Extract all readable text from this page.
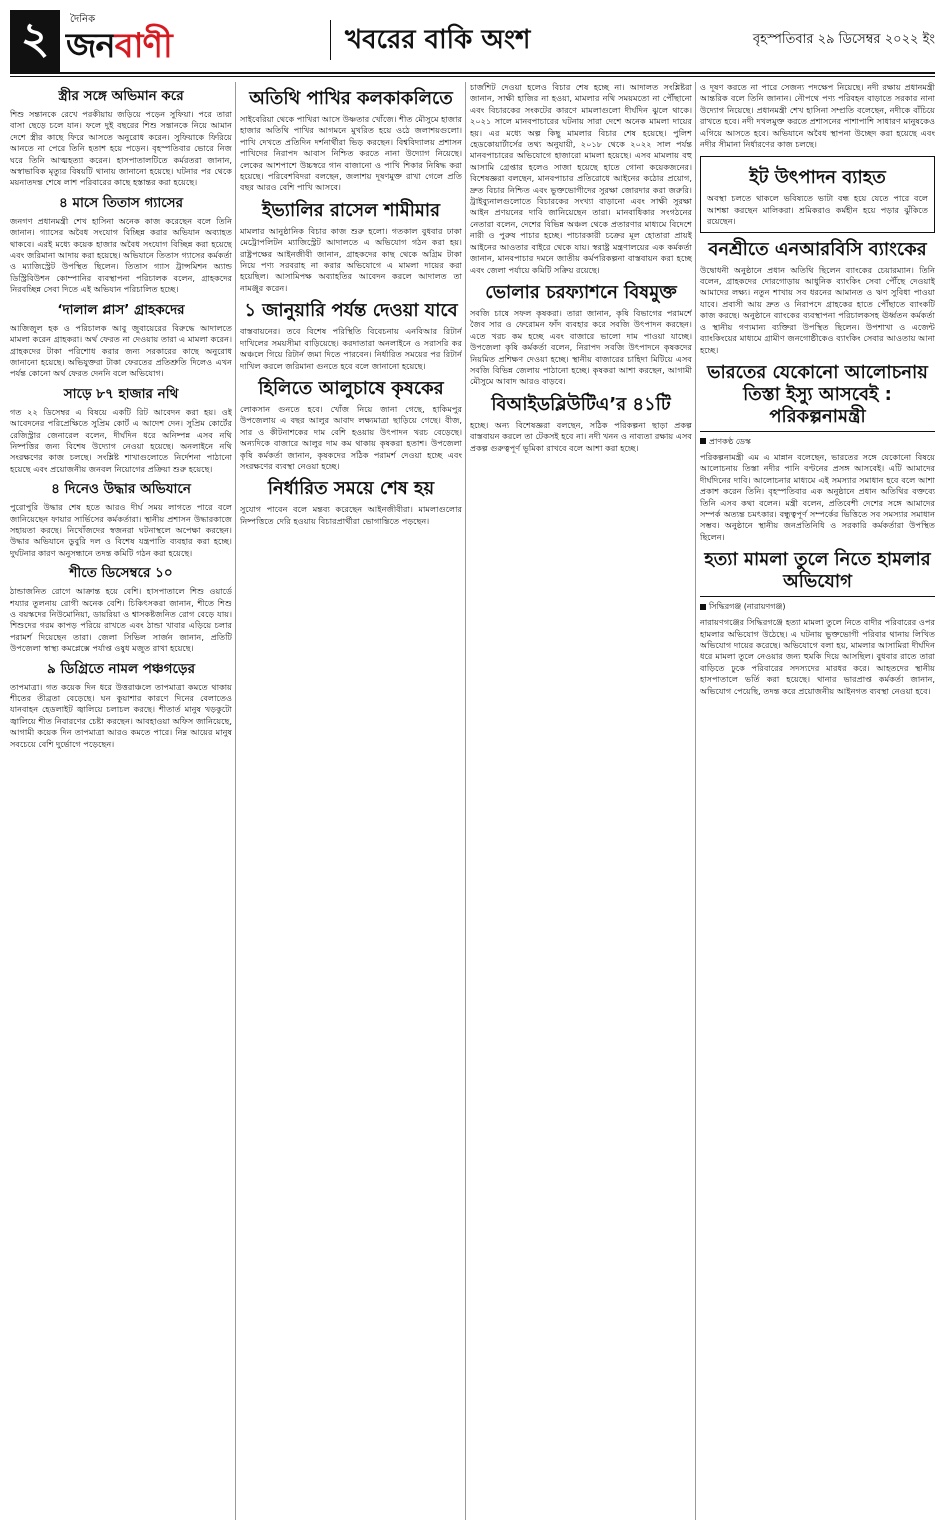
২	দৈনিক
জনবাণী	খবরের বাকি অংশ	বৃহস্পতিবার ২৯ ডিসেম্বর ২০২২ ইং
স্ত্রীর সঙ্গে অভিমান করে

শিশু সন্তানকে রেখে পরকীয়ায় জড়িয়ে পড়েন সুফিয়া। পরে তারা বাসা ছেড়ে চলে যান। ফলে দুই বছরের শিশু সন্তানকে নিয়ে আমান দেশে স্ত্রীর কাছে ফিরে আসতে অনুরোধ করেন। সুফিয়াকে ফিরিয়ে আনতে না পেরে তিনি হতাশ হয়ে পড়েন। বৃহস্পতিবার ভোরে নিজ ঘরে তিনি আত্মহত্যা করেন। হাসপাতালটিতে কর্মরতরা জানান, অস্বাভাবিক মৃত্যুর বিষয়টি থানায় জানানো হয়েছে। ঘটনার পর থেকে ময়নাতদন্ত শেষে লাশ পরিবারের কাছে হস্তান্তর করা হয়েছে।

৪ মাসে তিতাস গ্যাসের

জনগণ প্রধানমন্ত্রী শেখ হাসিনা অনেক কাজ করেছেন বলে তিনি জানান। গ্যাসের অবৈধ সংযোগ বিচ্ছিন্ন করার অভিযান অব্যাহত থাকবে। এরই মধ্যে কয়েক হাজার অবৈধ সংযোগ বিচ্ছিন্ন করা হয়েছে এবং জরিমানা আদায় করা হয়েছে। অভিযানে তিতাস গ্যাসের কর্মকর্তা ও ম্যাজিস্ট্রেট উপস্থিত ছিলেন। তিতাস গ্যাস ট্রান্সমিশন অ্যান্ড ডিস্ট্রিবিউশন কোম্পানির ব্যবস্থাপনা পরিচালক বলেন, গ্রাহকদের নিরবচ্ছিন্ন সেবা দিতে এই অভিযান পরিচালিত হচ্ছে।

‘দালাল প্লাস’ গ্রাহকদের

আজিজুল হক ও পরিচালক আবু জুবায়েরের বিরুদ্ধে আদালতে মামলা করেন গ্রাহকরা। অর্থ ফেরত না দেওয়ায় তারা এ মামলা করেন। গ্রাহকদের টাকা পরিশোধ করার জন্য সরকারের কাছে অনুরোধ জানানো হয়েছে। অভিযুক্তরা টাকা ফেরতের প্রতিশ্রুতি দিলেও এখন পর্যন্ত কোনো অর্থ ফেরত দেননি বলে অভিযোগ।

সাড়ে ৮৭ হাজার নথি

গত ২২ ডিসেম্বর এ বিষয়ে একটি রিট আবেদন করা হয়। ওই আবেদনের পরিপ্রেক্ষিতে সুপ্রিম কোর্ট এ আদেশ দেন। সুপ্রিম কোর্টের রেজিস্ট্রার জেনারেল বলেন, দীর্ঘদিন ধরে অনিষ্পন্ন এসব নথি নিষ্পত্তির জন্য বিশেষ উদ্যোগ নেওয়া হয়েছে। অনলাইনে নথি সংরক্ষণের কাজ চলছে। সংশ্লিষ্ট শাখাগুলোতে নির্দেশনা পাঠানো হয়েছে এবং প্রয়োজনীয় জনবল নিয়োগের প্রক্রিয়া শুরু হয়েছে।

৪ দিনেও উদ্ধার অভিযানে

পুরোপুরি উদ্ধার শেষ হতে আরও দীর্ঘ সময় লাগতে পারে বলে জানিয়েছেন ফায়ার সার্ভিসের কর্মকর্তারা। স্থানীয় প্রশাসন উদ্ধারকাজে সহায়তা করছে। নিখোঁজদের স্বজনরা ঘটনাস্থলে অপেক্ষা করছেন। উদ্ধার অভিযানে ডুবুরি দল ও বিশেষ যন্ত্রপাতি ব্যবহার করা হচ্ছে। দুর্ঘটনার কারণ অনুসন্ধানে তদন্ত কমিটি গঠন করা হয়েছে।

শীতে ডিসেম্বরে ১০

ঠান্ডাজনিত রোগে আক্রান্ত হয়ে বেশি। হাসপাতালে শিশু ওয়ার্ডে শয্যার তুলনায় রোগী অনেক বেশি। চিকিৎসকরা জানান, শীতে শিশু ও বয়স্কদের নিউমোনিয়া, ডায়রিয়া ও শ্বাসকষ্টজনিত রোগ বেড়ে যায়। শিশুদের গরম কাপড় পরিয়ে রাখতে এবং ঠান্ডা খাবার এড়িয়ে চলার পরামর্শ দিয়েছেন তারা। জেলা সিভিল সার্জন জানান, প্রতিটি উপজেলা স্বাস্থ্য কমপ্লেক্সে পর্যাপ্ত ওষুধ মজুত রাখা হয়েছে।

৯ ডিগ্রিতে নামল পঞ্চগড়ের

তাপমাত্রা। গত কয়েক দিন ধরে উত্তরাঞ্চলে তাপমাত্রা কমতে থাকায় শীতের তীব্রতা বেড়েছে। ঘন কুয়াশার কারণে দিনের বেলাতেও যানবাহন হেডলাইট জ্বালিয়ে চলাচল করছে। শীতার্ত মানুষ খড়কুটো জ্বালিয়ে শীত নিবারণের চেষ্টা করছেন। আবহাওয়া অফিস জানিয়েছে, আগামী কয়েক দিন তাপমাত্রা আরও কমতে পারে। নিম্ন আয়ের মানুষ সবচেয়ে বেশি দুর্ভোগে পড়েছেন।

অতিথি পাখির কলকাকলিতে

সাইবেরিয়া থেকে পাখিরা আসে উষ্ণতার খোঁজে। শীত মৌসুমে হাজার হাজার অতিথি পাখির আগমনে মুখরিত হয়ে ওঠে জলাশয়গুলো। পাখি দেখতে প্রতিদিন দর্শনার্থীরা ভিড় করছেন। বিশ্ববিদ্যালয় প্রশাসন পাখিদের নিরাপদ আবাস নিশ্চিত করতে নানা উদ্যোগ নিয়েছে। লেকের আশপাশে উচ্চস্বরে গান বাজানো ও পাখি শিকার নিষিদ্ধ করা হয়েছে। পরিবেশবিদরা বলছেন, জলাশয় দূষণমুক্ত রাখা গেলে প্রতি বছর আরও বেশি পাখি আসবে।

ইভ্যালির রাসেল শামীমার

মামলার আনুষ্ঠানিক বিচার কাজ শুরু হলো। গতকাল বুধবার ঢাকা মেট্রোপলিটন ম্যাজিস্ট্রেট আদালতে এ অভিযোগ গঠন করা হয়। রাষ্ট্রপক্ষের আইনজীবী জানান, গ্রাহকদের কাছ থেকে অগ্রিম টাকা নিয়ে পণ্য সরবরাহ না করার অভিযোগে এ মামলা দায়ের করা হয়েছিল। আসামিপক্ষ অব্যাহতির আবেদন করলে আদালত তা নামঞ্জুর করেন।

১ জানুয়ারি পর্যন্ত দেওয়া যাবে

বাস্তবায়নের। তবে বিশেষ পরিস্থিতি বিবেচনায় এনবিআর রিটার্ন দাখিলের সময়সীমা বাড়িয়েছে। করদাতারা অনলাইনে ও সরাসরি কর অঞ্চলে গিয়ে রিটার্ন জমা দিতে পারবেন। নির্ধারিত সময়ের পর রিটার্ন দাখিল করলে জরিমানা গুনতে হবে বলে জানানো হয়েছে।

হিলিতে আলুচাষে কৃষকের

লোকসান গুনতে হবে। খোঁজ নিয়ে জানা গেছে, হাকিমপুর উপজেলায় এ বছর আলুর আবাদ লক্ষ্যমাত্রা ছাড়িয়ে গেছে। বীজ, সার ও কীটনাশকের দাম বেশি হওয়ায় উৎপাদন খরচ বেড়েছে। অন্যদিকে বাজারে আলুর দাম কম থাকায় কৃষকরা হতাশ। উপজেলা কৃষি কর্মকর্তা জানান, কৃষকদের সঠিক পরামর্শ দেওয়া হচ্ছে এবং সংরক্ষণের ব্যবস্থা নেওয়া হচ্ছে।

নির্ধারিত সময়ে শেষ হয়

সুযোগ পাবেন বলে মন্তব্য করেছেন আইনজীবীরা। মামলাগুলোর নিষ্পত্তিতে দেরি হওয়ায় বিচারপ্রার্থীরা ভোগান্তিতে পড়ছেন।

চার্জশিট দেওয়া হলেও বিচার শেষ হচ্ছে না। আদালত সংশ্লিষ্টরা জানান, সাক্ষী হাজির না হওয়া, মামলার নথি সময়মতো না পৌঁছানো এবং বিচারকের সংকটের কারণে মামলাগুলো দীর্ঘদিন ঝুলে থাকে। ২০২১ সালে মানবপাচারের ঘটনায় সারা দেশে অনেক মামলা দায়ের হয়। এর মধ্যে অল্প কিছু মামলার বিচার শেষ হয়েছে। পুলিশ হেডকোয়ার্টার্সের তথ্য অনুযায়ী, ২০১৮ থেকে ২০২২ সাল পর্যন্ত মানবপাচারের অভিযোগে হাজারো মামলা হয়েছে। এসব মামলায় বহু আসামি গ্রেপ্তার হলেও সাজা হয়েছে হাতে গোনা কয়েকজনের। বিশেষজ্ঞরা বলছেন, মানবপাচার প্রতিরোধে আইনের কঠোর প্রয়োগ, দ্রুত বিচার নিশ্চিত এবং ভুক্তভোগীদের সুরক্ষা জোরদার করা জরুরি। ট্রাইব্যুনালগুলোতে বিচারকের সংখ্যা বাড়ানো এবং সাক্ষী সুরক্ষা আইন প্রণয়নের দাবি জানিয়েছেন তারা। মানবাধিকার সংগঠনের নেতারা বলেন, দেশের বিভিন্ন অঞ্চল থেকে প্রতারণার মাধ্যমে বিদেশে নারী ও পুরুষ পাচার হচ্ছে। পাচারকারী চক্রের মূল হোতারা প্রায়ই আইনের আওতার বাইরে থেকে যায়। স্বরাষ্ট্র মন্ত্রণালয়ের এক কর্মকর্তা জানান, মানবপাচার দমনে জাতীয় কর্মপরিকল্পনা বাস্তবায়ন করা হচ্ছে এবং জেলা পর্যায়ে কমিটি সক্রিয় রয়েছে।

ভোলার চরফ্যাশনে বিষমুক্ত

সবজি চাষে সফল কৃষকরা। তারা জানান, কৃষি বিভাগের পরামর্শে জৈব সার ও ফেরোমন ফাঁদ ব্যবহার করে সবজি উৎপাদন করছেন। এতে খরচ কম হচ্ছে এবং বাজারে ভালো দাম পাওয়া যাচ্ছে। উপজেলা কৃষি কর্মকর্তা বলেন, নিরাপদ সবজি উৎপাদনে কৃষকদের নিয়মিত প্রশিক্ষণ দেওয়া হচ্ছে। স্থানীয় বাজারের চাহিদা মিটিয়ে এসব সবজি বিভিন্ন জেলায় পাঠানো হচ্ছে। কৃষকরা আশা করছেন, আগামী মৌসুমে আবাদ আরও বাড়বে।

বিআইডব্লিউটিএ’র ৪১টি

হচ্ছে। অন্য বিশেষজ্ঞরা বলছেন, সঠিক পরিকল্পনা ছাড়া প্রকল্প বাস্তবায়ন করলে তা টেকসই হবে না। নদী খনন ও নাব্যতা রক্ষায় এসব প্রকল্প গুরুত্বপূর্ণ ভূমিকা রাখবে বলে আশা করা হচ্ছে।

ও দূষণ করতে না পারে সেজন্য পদক্ষেপ নিয়েছে। নদী রক্ষায় প্রধানমন্ত্রী আন্তরিক বলে তিনি জানান। নৌপথে পণ্য পরিবহন বাড়াতে সরকার নানা উদ্যোগ নিয়েছে। প্রধানমন্ত্রী শেখ হাসিনা সম্প্রতি বলেছেন, নদীকে বাঁচিয়ে রাখতে হবে। নদী দখলমুক্ত করতে প্রশাসনের পাশাপাশি সাধারণ মানুষকেও এগিয়ে আসতে হবে। অভিযানে অবৈধ স্থাপনা উচ্ছেদ করা হয়েছে এবং নদীর সীমানা নির্ধারণের কাজ চলছে।

ইট উৎপাদন ব্যাহত

অবস্থা চলতে থাকলে ভবিষ্যতে ভাটা বন্ধ হয়ে যেতে পারে বলে আশঙ্কা করছেন মালিকরা। শ্রমিকরাও কর্মহীন হয়ে পড়ার ঝুঁকিতে রয়েছেন।

বনশ্রীতে এনআরবিসি ব্যাংকের

উদ্বোধনী অনুষ্ঠানে প্রধান অতিথি ছিলেন ব্যাংকের চেয়ারম্যান। তিনি বলেন, গ্রাহকদের দোরগোড়ায় আধুনিক ব্যাংকিং সেবা পৌঁছে দেওয়াই আমাদের লক্ষ্য। নতুন শাখায় সব ধরনের আমানত ও ঋণ সুবিধা পাওয়া যাবে। প্রবাসী আয় দ্রুত ও নিরাপদে গ্রাহকের হাতে পৌঁছাতে ব্যাংকটি কাজ করছে। অনুষ্ঠানে ব্যাংকের ব্যবস্থাপনা পরিচালকসহ ঊর্ধ্বতন কর্মকর্তা ও স্থানীয় গণ্যমান্য ব্যক্তিরা উপস্থিত ছিলেন। উপশাখা ও এজেন্ট ব্যাংকিংয়ের মাধ্যমে গ্রামীণ জনগোষ্ঠীকেও ব্যাংকিং সেবার আওতায় আনা হচ্ছে।

ভারতের যেকোনো আলোচনায় তিস্তা ইস্যু আসবেই : পরিকল্পনামন্ত্রী
প্রাণকণ্ঠ ডেস্ক

পরিকল্পনামন্ত্রী এম এ মান্নান বলেছেন, ভারতের সঙ্গে যেকোনো বিষয়ে আলোচনায় তিস্তা নদীর পানি বণ্টনের প্রসঙ্গ আসবেই। এটি আমাদের দীর্ঘদিনের দাবি। আলোচনার মাধ্যমে এই সমস্যার সমাধান হবে বলে আশা প্রকাশ করেন তিনি। বৃহস্পতিবার এক অনুষ্ঠানে প্রধান অতিথির বক্তব্যে তিনি এসব কথা বলেন। মন্ত্রী বলেন, প্রতিবেশী দেশের সঙ্গে আমাদের সম্পর্ক অত্যন্ত চমৎকার। বন্ধুত্বপূর্ণ সম্পর্কের ভিত্তিতে সব সমস্যার সমাধান সম্ভব। অনুষ্ঠানে স্থানীয় জনপ্রতিনিধি ও সরকারি কর্মকর্তারা উপস্থিত ছিলেন।

হত্যা মামলা তুলে নিতে হামলার অভিযোগ
সিদ্ধিরগঞ্জ (নারায়ণগঞ্জ)

নারায়ণগঞ্জের সিদ্ধিরগঞ্জে হত্যা মামলা তুলে নিতে বাদীর পরিবারের ওপর হামলার অভিযোগ উঠেছে। এ ঘটনায় ভুক্তভোগী পরিবার থানায় লিখিত অভিযোগ দায়ের করেছে। অভিযোগে বলা হয়, মামলার আসামিরা দীর্ঘদিন ধরে মামলা তুলে নেওয়ার জন্য হুমকি দিয়ে আসছিল। বুধবার রাতে তারা বাড়িতে ঢুকে পরিবারের সদস্যদের মারধর করে। আহতদের স্থানীয় হাসপাতালে ভর্তি করা হয়েছে। থানার ভারপ্রাপ্ত কর্মকর্তা জানান, অভিযোগ পেয়েছি, তদন্ত করে প্রয়োজনীয় আইনগত ব্যবস্থা নেওয়া হবে।
